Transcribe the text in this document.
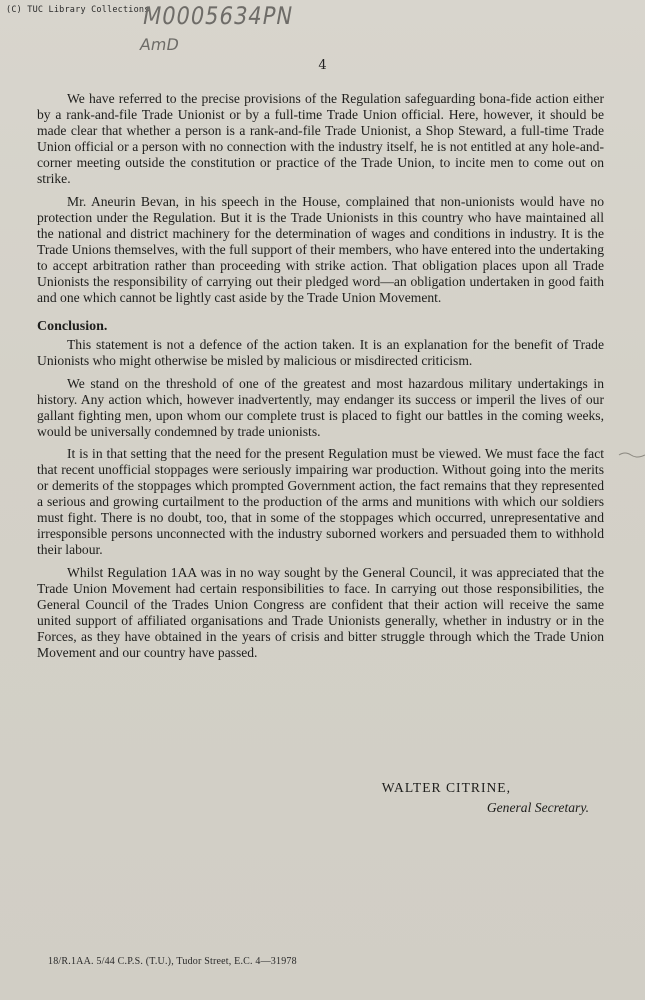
(C) TUC Library Collections
M0005634PN
AmD
4

We have referred to the precise provisions of the Regulation safeguarding bona-fide action either by a rank-and-file Trade Unionist or by a full-time Trade Union official. Here, however, it should be made clear that whether a person is a rank-and-file Trade Unionist, a Shop Steward, a full-time Trade Union official or a person with no connection with the industry itself, he is not entitled at any hole-and-corner meeting outside the constitution or practice of the Trade Union, to incite men to come out on strike.

Mr. Aneurin Bevan, in his speech in the House, complained that non-unionists would have no protection under the Regulation. But it is the Trade Unionists in this country who have maintained all the national and district machinery for the determination of wages and conditions in industry. It is the Trade Unions themselves, with the full support of their members, who have entered into the undertaking to accept arbitration rather than proceeding with strike action. That obligation places upon all Trade Unionists the responsibility of carrying out their pledged word—an obligation undertaken in good faith and one which cannot be lightly cast aside by the Trade Union Movement.

Conclusion.

This statement is not a defence of the action taken. It is an explanation for the benefit of Trade Unionists who might otherwise be misled by malicious or misdirected criticism.

We stand on the threshold of one of the greatest and most hazardous military undertakings in history. Any action which, however inadvertently, may endanger its success or imperil the lives of our gallant fighting men, upon whom our complete trust is placed to fight our battles in the coming weeks, would be universally condemned by trade unionists.

It is in that setting that the need for the present Regulation must be viewed. We must face the fact that recent unofficial stoppages were seriously impairing war production. Without going into the merits or demerits of the stoppages which prompted Government action, the fact remains that they represented a serious and growing curtailment to the production of the arms and munitions with which our soldiers must fight. There is no doubt, too, that in some of the stoppages which occurred, unrepresentative and irresponsible persons unconnected with the industry suborned workers and persuaded them to withhold their labour.

Whilst Regulation 1AA was in no way sought by the General Council, it was appreciated that the Trade Union Movement had certain responsibilities to face. In carrying out those responsibilities, the General Council of the Trades Union Congress are confident that their action will receive the same united support of affiliated organisations and Trade Unionists generally, whether in industry or in the Forces, as they have obtained in the years of crisis and bitter struggle through which the Trade Union Movement and our country have passed.

WALTER CITRINE,
General Secretary.
18/R.1AA. 5/44 C.P.S. (T.U.), Tudor Street, E.C. 4—31978
